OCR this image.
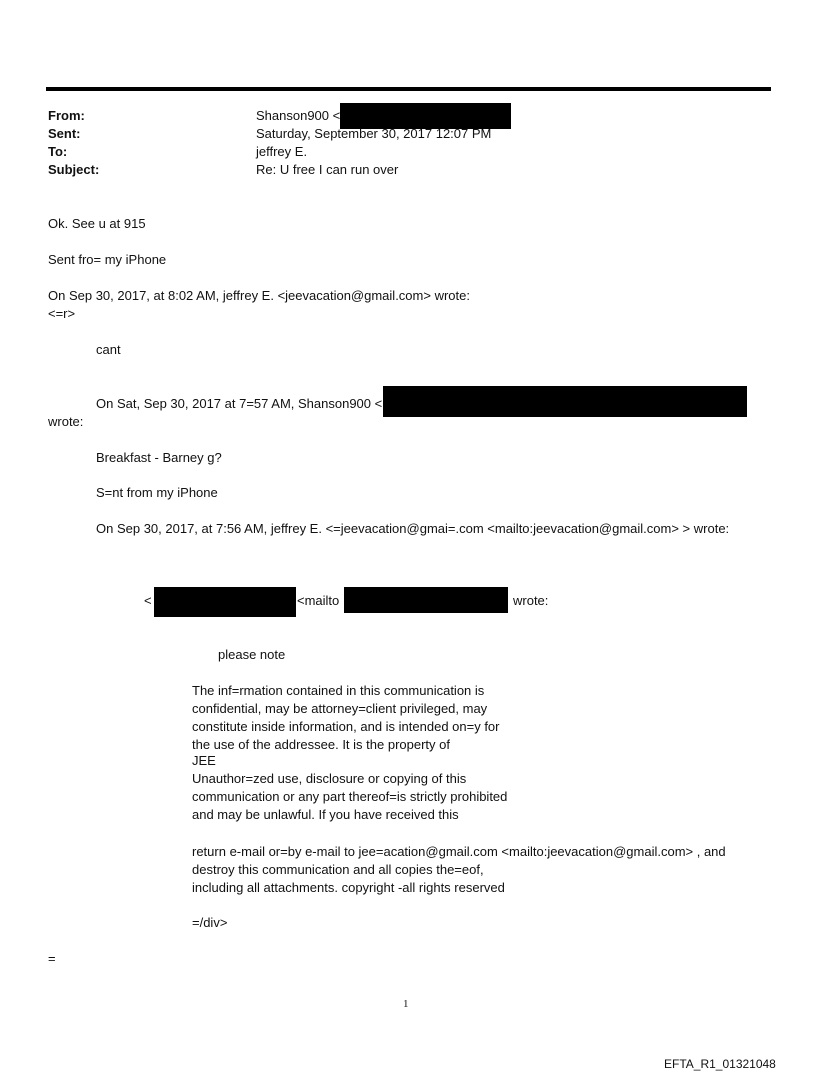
From:
Sent:
To:
Subject:
Shanson900 <
Saturday, September 30, 2017 12:07 PM
jeffrey E.
Re: U free I can run over
Ok. See u at 915
Sent fro= my iPhone
On Sep 30, 2017, at 8:02 AM, jeffrey E. <jeevacation@gmail.com> wrote:
<=r>
cant
On Sat, Sep 30, 2017 at 7=57 AM, Shanson900 <
wrote:
Breakfast - Barney g?
S=nt from my iPhone
On Sep 30, 2017, at 7:56 AM, jeffrey E. <=jeevacation@gmai=.com <mailto:jeevacation@gmail.com> > wrote:
<	<mailto	wrote:
please note
The inf=rmation contained in this communication is
confidential, may be attorney=client privileged, may
constitute inside information, and is intended on=y for
the use of the addressee. It is the property of
JEE
Unauthor=zed use, disclosure or copying of this
communication or any part thereof=is strictly prohibited
and may be unlawful. If you have received this
return e-mail or=by e-mail to jee=acation@gmail.com <mailto:jeevacation@gmail.com> , and
destroy this communication and all copies the=eof,
including all attachments. copyright -all rights reserved
=/div>
=
1
EFTA_R1_01321048
